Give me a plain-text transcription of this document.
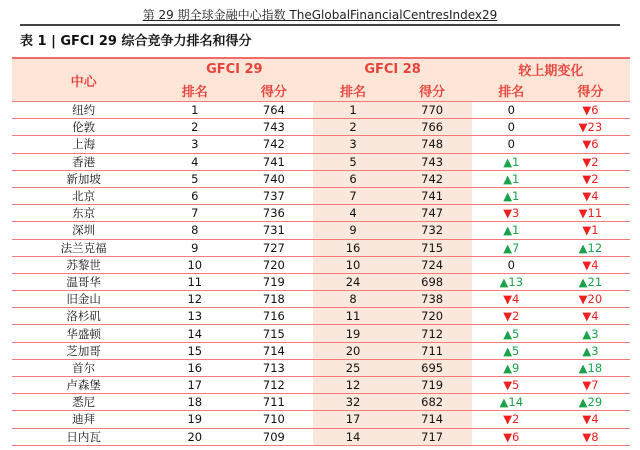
第 29 期全球金融中心指数 TheGlobalFinancialCentresIndex29
表 1 | GFCI 29 综合竞争力排名和得分
中心	GFCI 29		GFCI 28		较上期变化	
	排名	得分	排名	得分	排名	得分
纽约	1	764	1	770	0	▼6
伦敦	2	743	2	766	0	▼23
上海	3	742	3	748	0	▼6
香港	4	741	5	743	▲1	▼2
新加坡	5	740	6	742	▲1	▼2
北京	6	737	7	741	▲1	▼4
东京	7	736	4	747	▼3	▼11
深圳	8	731	9	732	▲1	▼1
法兰克福	9	727	16	715	▲7	▲12
苏黎世	10	720	10	724	0	▼4
温哥华	11	719	24	698	▲13	▲21
旧金山	12	718	8	738	▼4	▼20
洛杉矶	13	716	11	720	▼2	▼4
华盛顿	14	715	19	712	▲5	▲3
芝加哥	15	714	20	711	▲5	▲3
首尔	16	713	25	695	▲9	▲18
卢森堡	17	712	12	719	▼5	▼7
悉尼	18	711	32	682	▲14	▲29
迪拜	19	710	17	714	▼2	▼4
日内瓦	20	709	14	717	▼6	▼8
